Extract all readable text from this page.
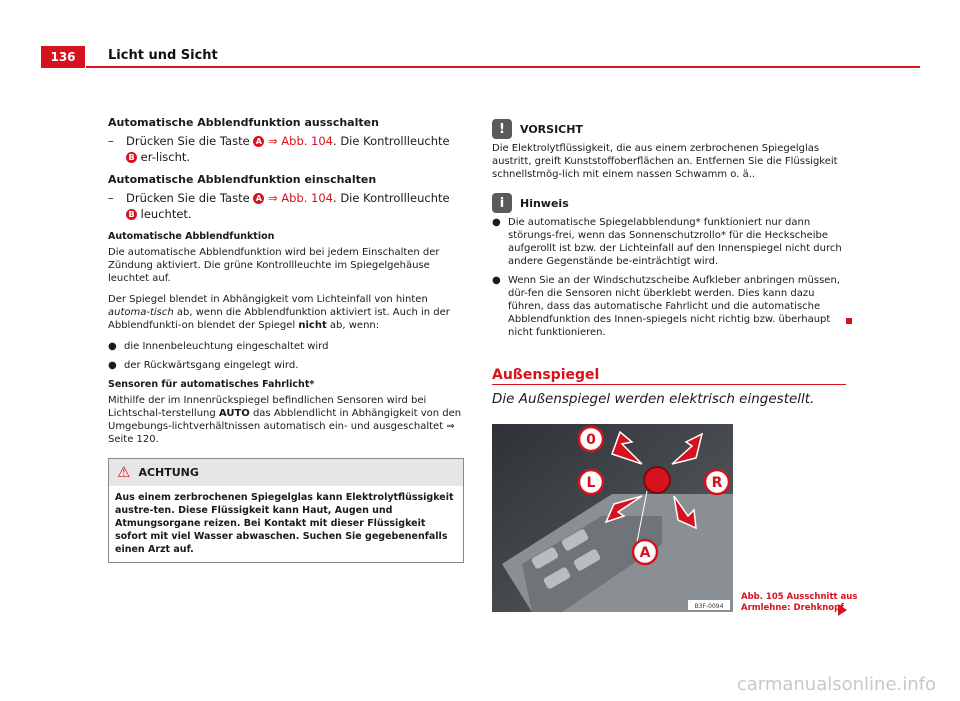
136	Licht und Sicht
Automatische Abblendfunktion ausschalten
–	Drücken Sie die Taste A ⇒ Abb. 104. Die Kontrollleuchte B er-lischt.
Automatische Abblendfunktion einschalten
–	Drücken Sie die Taste A ⇒ Abb. 104. Die Kontrollleuchte B leuchtet.
Automatische Abblendfunktion

Die automatische Abblendfunktion wird bei jedem Einschalten der Zündung aktiviert. Die grüne Kontrollleuchte im Spiegelgehäuse leuchtet auf.

Der Spiegel blendet in Abhängigkeit vom Lichteinfall von hinten automa-tisch ab, wenn die Abblendfunktion aktiviert ist. Auch in der Abblendfunkti-on blendet der Spiegel nicht ab, wenn:

● die Innenbeleuchtung eingeschaltet wird
● der Rückwärtsgang eingelegt wird.
Sensoren für automatisches Fahrlicht*

Mithilfe der im Innenrückspiegel befindlichen Sensoren wird bei Lichtschal-terstellung AUTO das Abblendlicht in Abhängigkeit von den Umgebungs-lichtverhältnissen automatisch ein- und ausgeschaltet ⇒ Seite 120.

⚠ ACHTUNG
Aus einem zerbrochenen Spiegelglas kann Elektrolytflüssigkeit austre-ten. Diese Flüssigkeit kann Haut, Augen und Atmungsorgane reizen. Bei Kontakt mit dieser Flüssigkeit sofort mit viel Wasser abwaschen. Suchen Sie gegebenenfalls einen Arzt auf.
!	VORSICHT

Die Elektrolytflüssigkeit, die aus einem zerbrochenen Spiegelglas austritt, greift Kunststoffoberflächen an. Entfernen Sie die Flüssigkeit schnellstmög-lich mit einem nassen Schwamm o. ä..

i	Hinweis
● Die automatische Spiegelabblendung* funktioniert nur dann störungs-frei, wenn das Sonnenschutzrollo* für die Heckscheibe aufgerollt ist bzw. der Lichteinfall auf den Innenspiegel nicht durch andere Gegenstände be-einträchtigt wird.
● Wenn Sie an der Windschutzscheibe Aufkleber anbringen müssen, dür-fen die Sensoren nicht überklebt werden. Dies kann dazu führen, dass das automatische Fahrlicht und die automatische Abblendfunktion des Innen-spiegels nicht richtig bzw. überhaupt nicht funktionieren.
Außenspiegel
Die Außenspiegel werden elektrisch eingestellt.
0
L	R
A
B3F-0094
Abb. 105 Ausschnitt aus
Armlehne: Drehknopf
carmanualsonline.info
